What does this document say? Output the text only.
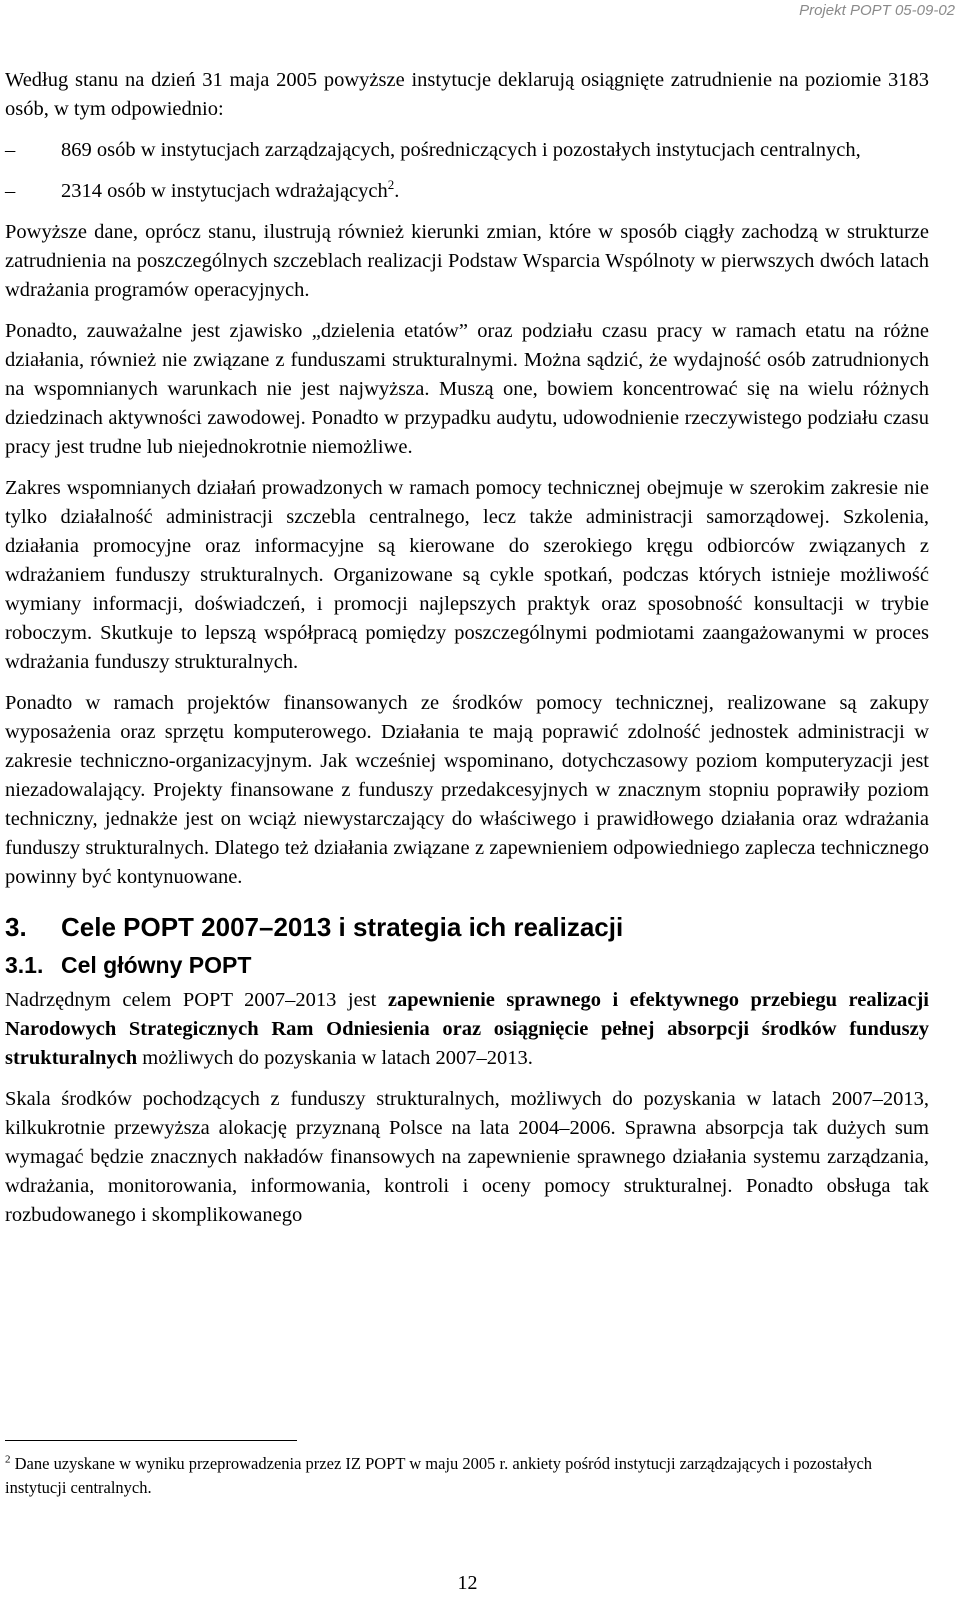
Projekt POPT 05-09-02

Według stanu na dzień 31 maja 2005 powyższe instytucje deklarują osiągnięte zatrudnienie na poziomie 3183 osób, w tym odpowiednio:

–	869 osób w instytucjach zarządzających, pośredniczących i pozostałych instytucjach centralnych,
–	2314 osób w instytucjach wdrażających$^2$.

Powyższe dane, oprócz stanu, ilustrują również kierunki zmian, które w sposób ciągły zachodzą w strukturze zatrudnienia na poszczególnych szczeblach realizacji Podstaw Wsparcia Wspólnoty w pierwszych dwóch latach wdrażania programów operacyjnych.

Ponadto, zauważalne jest zjawisko „dzielenia etatów” oraz podziału czasu pracy w ramach etatu na różne działania, również nie związane z funduszami strukturalnymi. Można sądzić, że wydajność osób zatrudnionych na wspomnianych warunkach nie jest najwyższa. Muszą one, bowiem koncentrować się na wielu różnych dziedzinach aktywności zawodowej. Ponadto w przypadku audytu, udowodnienie rzeczywistego podziału czasu pracy jest trudne lub niejednokrotnie niemożliwe.

Zakres wspomnianych działań prowadzonych w ramach pomocy technicznej obejmuje w szerokim zakresie nie tylko działalność administracji szczebla centralnego, lecz także administracji samorządowej. Szkolenia, działania promocyjne oraz informacyjne są kierowane do szerokiego kręgu odbiorców związanych z wdrażaniem funduszy strukturalnych. Organizowane są cykle spotkań, podczas których istnieje możliwość wymiany informacji, doświadczeń, i promocji najlepszych praktyk oraz sposobność konsultacji w trybie roboczym. Skutkuje to lepszą współpracą pomiędzy poszczególnymi podmiotami zaangażowanymi w proces wdrażania funduszy strukturalnych.

Ponadto w ramach projektów finansowanych ze środków pomocy technicznej, realizowane są zakupy wyposażenia oraz sprzętu komputerowego. Działania te mają poprawić zdolność jednostek administracji w zakresie techniczno-organizacyjnym. Jak wcześniej wspominano, dotychczasowy poziom komputeryzacji jest niezadowalający. Projekty finansowane z funduszy przedakcesyjnych w znacznym stopniu poprawiły poziom techniczny, jednakże jest on wciąż niewystarczający do właściwego i prawidłowego działania oraz wdrażania funduszy strukturalnych. Dlatego też działania związane z zapewnieniem odpowiedniego zaplecza technicznego powinny być kontynuowane.

3. Cele POPT 2007–2013 i strategia ich realizacji
3.1. Cel główny POPT

Nadrzędnym celem POPT 2007–2013 jest zapewnienie sprawnego i efektywnego przebiegu realizacji Narodowych Strategicznych Ram Odniesienia oraz osiągnięcie pełnej absorpcji środków funduszy strukturalnych możliwych do pozyskania w latach 2007–2013.

Skala środków pochodzących z funduszy strukturalnych, możliwych do pozyskania w latach 2007–2013, kilkukrotnie przewyższa alokację przyznaną Polsce na lata 2004–2006. Sprawna absorpcja tak dużych sum wymagać będzie znacznych nakładów finansowych na zapewnienie sprawnego działania systemu zarządzania, wdrażania, monitorowania, informowania, kontroli i oceny pomocy strukturalnej. Ponadto obsługa tak rozbudowanego i skomplikowanego

$^2$ Dane uzyskane w wyniku przeprowadzenia przez IZ POPT w maju 2005 r. ankiety pośród instytucji zarządzających i pozostałych instytucji centralnych.
12
